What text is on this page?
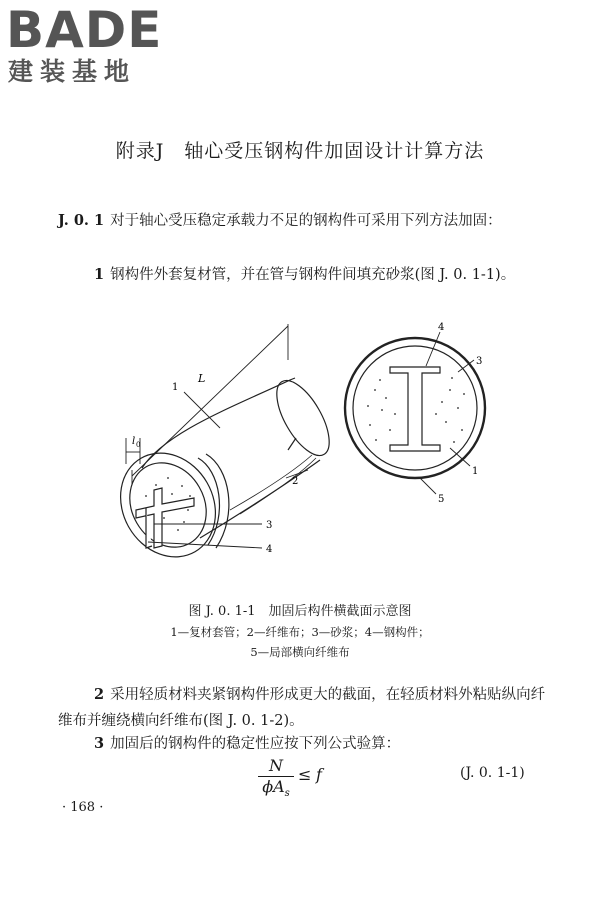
BADE

建装基地

附录J　轴心受压钢构件加固设计计算方法

J. 0. 1 对于轴心受压稳定承载力不足的钢构件可采用下列方法加固：

1 钢构件外套复材管，并在管与钢构件间填充砂浆(图 J. 0. 1-1)。

L
l 0
1
2
3
4
4
3
1
5

图 J. 0. 1-1　加固后构件横截面示意图

1—复材套管；2—纤维布；3—砂浆；4—钢构件；

5—局部横向纤维布

2 采用轻质材料夹紧钢构件形成更大的截面，在轻质材料外粘贴纵向纤维布并缠绕横向纤维布(图 J. 0. 1-2)。

3 加固后的钢构件的稳定性应按下列公式验算：

N
$\phi A_s$
≤ f	(J. 0. 1-1)
· 168 ·
